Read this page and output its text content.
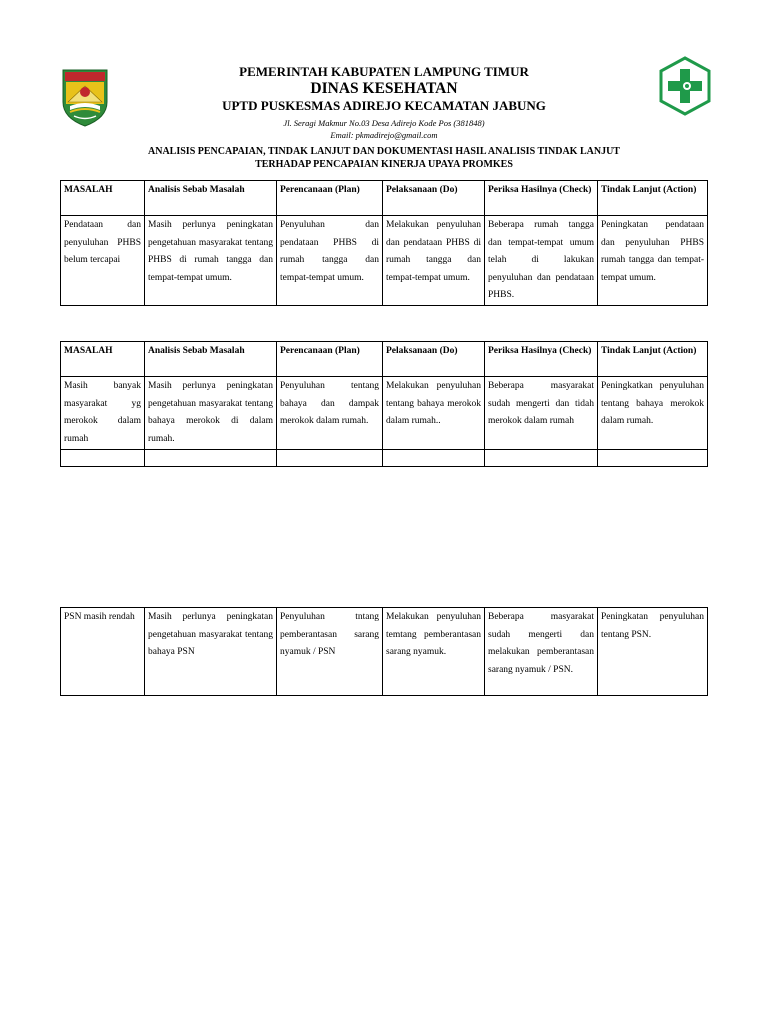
PEMERINTAH KABUPATEN LAMPUNG TIMUR
DINAS KESEHATAN
UPTD PUSKESMAS ADIREJO KECAMATAN JABUNG
Jl. Seragi Makmur No.03 Desa Adirejo Kode Pos (381848)
Email: pkmadirejo@gmail.com
ANALISIS PENCAPAIAN, TINDAK LANJUT DAN DOKUMENTASI HASIL ANALISIS TINDAK LANJUT
TERHADAP PENCAPAIAN KINERJA UPAYA PROMKES
MASALAH	Analisis Sebab Masalah	Perencanaan (Plan)	Pelaksanaan (Do)	Periksa Hasilnya (Check)	Tindak Lanjut (Action)
Pendataan dan penyuluhan PHBS belum tercapai	Masih perlunya peningkatan pengetahuan masyarakat tentang PHBS di rumah tangga dan tempat-tempat umum.	Penyuluhan dan pendataan PHBS di rumah tangga dan tempat-tempat umum.	Melakukan penyuluhan dan pendataan PHBS di rumah tangga dan tempat-tempat umum.	Beberapa rumah tangga dan tempat-tempat umum telah di lakukan penyuluhan dan pendataan PHBS.	Peningkatan pendataan dan penyuluhan PHBS rumah tangga dan tempat-tempat umum.
MASALAH	Analisis Sebab Masalah	Perencanaan (Plan)	Pelaksanaan (Do)	Periksa Hasilnya (Check)	Tindak Lanjut (Action)
Masih banyak masyarakat yg merokok dalam rumah	Masih perlunya peningkatan pengetahuan masyarakat tentang bahaya merokok di dalam rumah.	Penyuluhan tentang bahaya dan dampak merokok dalam rumah.	Melakukan penyuluhan tentang bahaya merokok dalam rumah..	Beberapa masyarakat sudah mengerti dan tidah merokok dalam rumah	Peningkatkan penyuluhan tentang bahaya merokok dalam rumah.

PSN masih rendah	Masih perlunya peningkatan pengetahuan masyarakat tentang bahaya PSN	Penyuluhan tntang pemberantasan sarang nyamuk / PSN	Melakukan penyuluhan temtang pemberantasan sarang nyamuk.	Beberapa masyarakat sudah mengerti dan melakukan pemberantasan sarang nyamuk / PSN.	Peningkatan penyuluhan tentang PSN.
